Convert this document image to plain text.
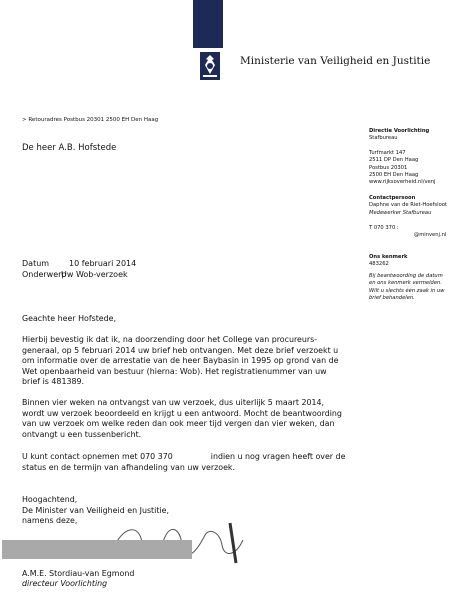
Ministerie van Veiligheid en Justitie
> Retouradres Postbus 20301 2500 EH Den Haag
De heer A.B. Hofstede
Directie Voorlichting
Stafbureau
Turfmarkt 147
2511 DP Den Haag
Postbus 20301
2500 EH Den Haag
www.rijksoverheid.nl/venj
Contactpersoon
Daphne van de Riet-Hoefsloot
Medewerker Stafbureau
T 070 370 :
@minvenj.nl
Ons kenmerk
483262
Bij beantwoording de datum
en ons kenmerk vermelden.
Wilt u slechts één zaak in uw
brief behandelen.
Datum 10 februari 2014
OnderwerpUw Wob-verzoek
Geachte heer Hofstede,

Hierbij bevestig ik dat ik, na doorzending door het College van procureurs-

generaal, op 5 februari 2014 uw brief heb ontvangen. Met deze brief verzoekt u

om informatie over de arrestatie van de heer Baybasin in 1995 op grond van de

Wet openbaarheid van bestuur (hierna: Wob). Het registratienummer van uw

brief is 481389.

Binnen vier weken na ontvangst van uw verzoek, dus uiterlijk 5 maart 2014,

wordt uw verzoek beoordeeld en krijgt u een antwoord. Mocht de beantwoording

van uw verzoek om welke reden dan ook meer tijd vergen dan vier weken, dan

ontvangt u een tussenbericht.

U kunt contact opnemen met 070 370	indien u nog vragen heeft over de

status en de termijn van afhandeling van uw verzoek.

Hoogachtend,
De Minister van Veiligheid en Justitie,
namens deze,
A.M.E. Stordiau-van Egmond
directeur Voorlichting
